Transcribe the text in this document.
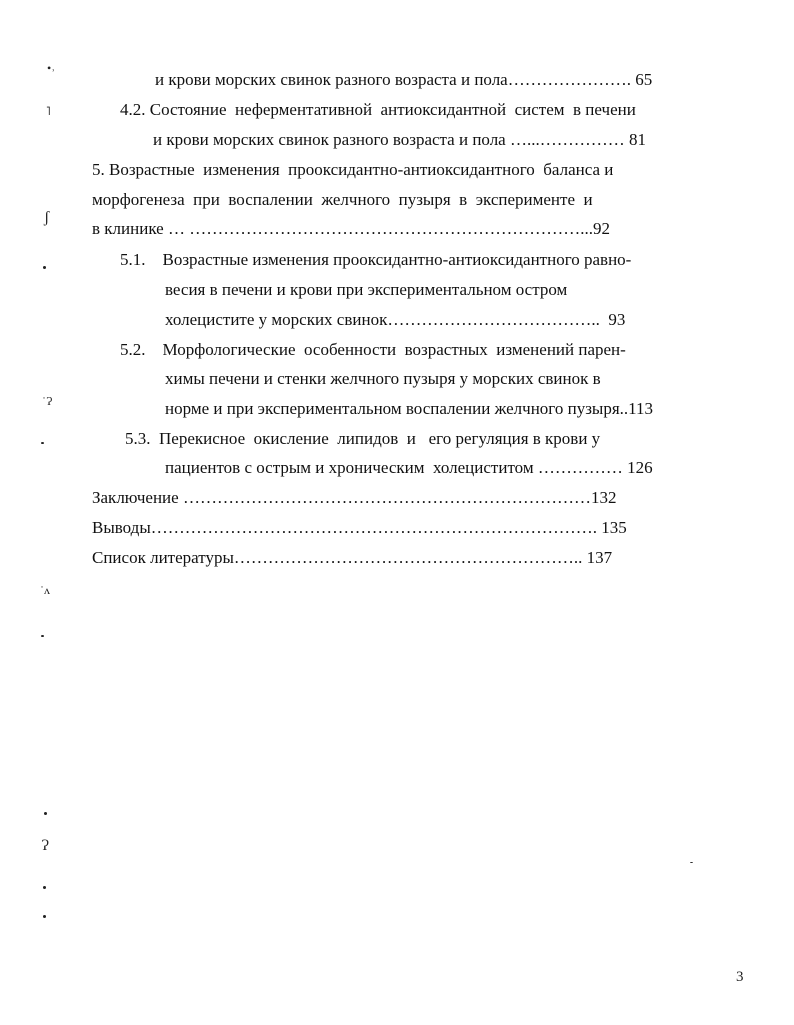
и крови морских свинок разного возраста и пола…………………. 65
4.2. Состояние  неферментативной  антиоксидантной  систем  в печени
и крови морских свинок разного возраста и пола …...…………… 81
5. Возрастные  изменения  прооксидантно-антиоксидантного  баланса и
морфогенеза  при  воспалении  желчного  пузыря  в  эксперименте  и
в клинике … ……………………………………………………………...92
5.1.    Возрастные изменения прооксидантно-антиоксидантного равно-
весия в печени и крови при экспериментальном остром
холецистите у морских свинок………………………………..  93
5.2.    Морфологические  особенности  возрастных  изменений парен-
химы печени и стенки желчного пузыря у морских свинок в
норме и при экспериментальном воспалении желчного пузыря..113
5.3.  Перекисное  окисление  липидов  и   его регуляция в крови у
пациентов с острым и хроническим  холециститом …………… 126
Заключение ………………………………………………………………132
Выводы……………………………………………………………………. 135
Список литературы…………………………………………………….. 137
•˒
˥
ʃ
˙Ɂ
˙ʌ
Ɂ
3
